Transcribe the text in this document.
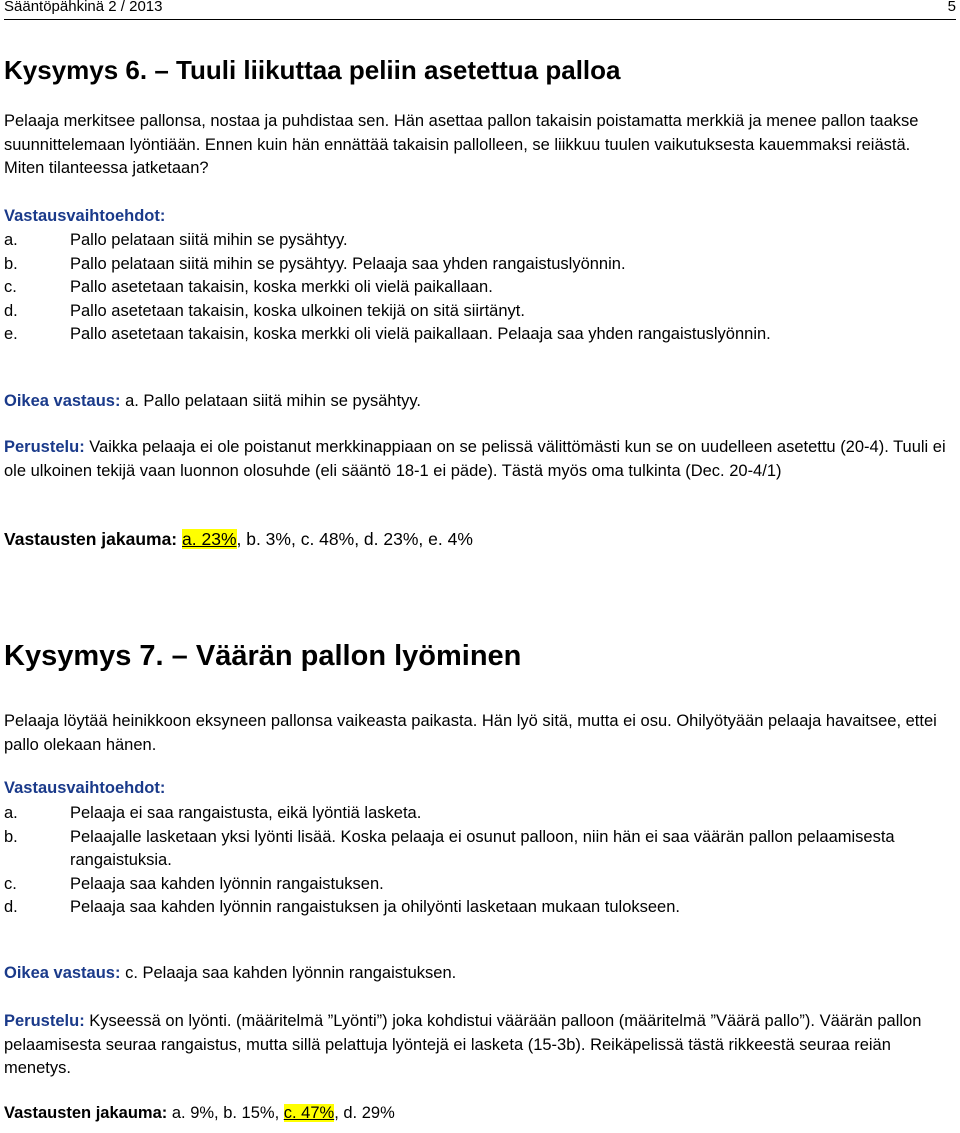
Sääntöpähkinä 2 / 2013	5
Kysymys 6. – Tuuli liikuttaa peliin asetettua palloa

Pelaaja merkitsee pallonsa, nostaa ja puhdistaa sen. Hän asettaa pallon takaisin poistamatta merkkiä ja menee pallon taakse suunnittelemaan lyöntiään. Ennen kuin hän ennättää takaisin pallolleen, se liikkuu tuulen vaikutuksesta kauemmaksi reiästä. Miten tilanteessa jatketaan?

Vastausvaihtoehdot:
a.	Pallo pelataan siitä mihin se pysähtyy.
b.	Pallo pelataan siitä mihin se pysähtyy. Pelaaja saa yhden rangaistuslyönnin.
c.	Pallo asetetaan takaisin, koska merkki oli vielä paikallaan.
d.	Pallo asetetaan takaisin, koska ulkoinen tekijä on sitä siirtänyt.
e.	Pallo asetetaan takaisin, koska merkki oli vielä paikallaan. Pelaaja saa yhden rangaistuslyönnin.
Oikea vastaus: a. Pallo pelataan siitä mihin se pysähtyy.
Perustelu: Vaikka pelaaja ei ole poistanut merkkinappiaan on se pelissä välittömästi kun se on uudelleen asetettu (20-4). Tuuli ei ole ulkoinen tekijä vaan luonnon olosuhde (eli sääntö 18-1 ei päde). Tästä myös oma tulkinta (Dec. 20-4/1)
Vastausten jakauma: a. 23%, b. 3%, c. 48%, d. 23%, e. 4%
Kysymys 7. – Väärän pallon lyöminen

Pelaaja löytää heinikkoon eksyneen pallonsa vaikeasta paikasta. Hän lyö sitä, mutta ei osu. Ohilyötyään pelaaja havaitsee, ettei pallo olekaan hänen.

Vastausvaihtoehdot:
a.	Pelaaja ei saa rangaistusta, eikä lyöntiä lasketa.
b.	Pelaajalle lasketaan yksi lyönti lisää. Koska pelaaja ei osunut palloon, niin hän ei saa väärän pallon pelaamisesta rangaistuksia.
c.	Pelaaja saa kahden lyönnin rangaistuksen.
d.	Pelaaja saa kahden lyönnin rangaistuksen ja ohilyönti lasketaan mukaan tulokseen.
Oikea vastaus: c. Pelaaja saa kahden lyönnin rangaistuksen.
Perustelu: Kyseessä on lyönti. (määritelmä ”Lyönti”) joka kohdistui väärään palloon (määritelmä ”Väärä pallo”). Väärän pallon pelaamisesta seuraa rangaistus, mutta sillä pelattuja lyöntejä ei lasketa (15-3b). Reikäpelissä tästä rikkeestä seuraa reiän menetys.
Vastausten jakauma: a. 9%, b. 15%, c. 47%, d. 29%
